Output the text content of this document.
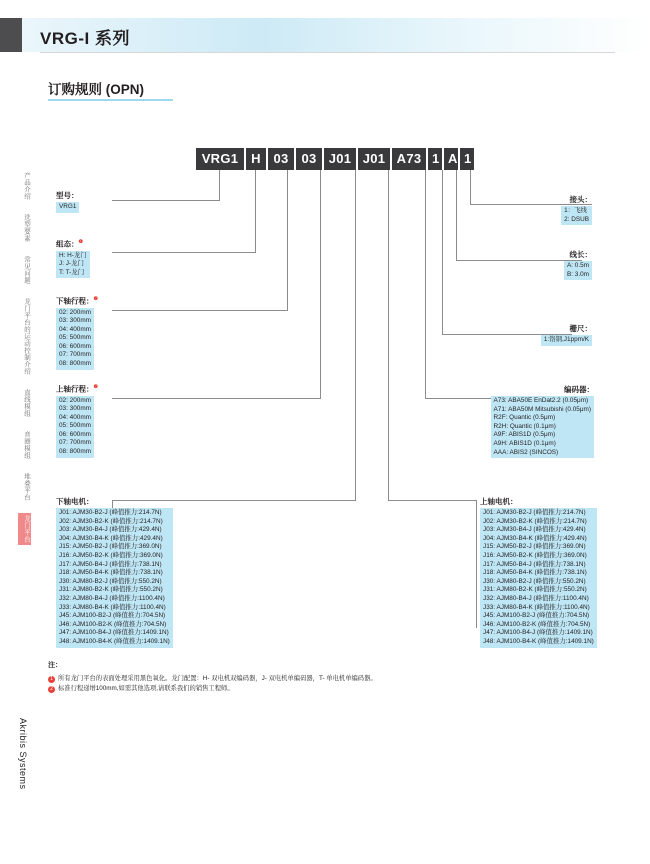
VRG-I 系列
订购规则 (OPN)
产品介绍
选型要素
常见问题
龙门平台的运动控制介绍
直线模组
音圈模组
堆叠平台
龙门平台
Akribis Systems
VRG1 H 03 03 J01 J01 A73 1 A 1
型号：
VRG1
组态：$^❶$
H: H-龙门
J: J-龙门
T: T-龙门
下轴行程：$^❷$
02: 200mm
03: 300mm
04: 400mm
05: 500mm
06: 600mm
07: 700mm
08: 800mm
上轴行程：$^❷$
02: 200mm
03: 300mm
04: 400mm
05: 500mm
06: 600mm
07: 700mm
08: 800mm
下轴电机：
J01: AJM30-B2-J (峰值推力:214.7N)
J02: AJM30-B2-K (峰值推力:214.7N)
J03: AJM30-B4-J (峰值推力:429.4N)
J04: AJM30-B4-K (峰值推力:429.4N)
J15: AJM50-B2-J (峰值推力:369.0N)
J16: AJM50-B2-K (峰值推力:369.0N)
J17: AJM50-B4-J (峰值推力:738.1N)
J18: AJM50-B4-K (峰值推力:738.1N)
J30: AJM80-B2-J (峰值推力:550.2N)
J31: AJM80-B2-K (峰值推力:550.2N)
J32: AJM80-B4-J (峰值推力:1100.4N)
J33: AJM80-B4-K (峰值推力:1100.4N)
J45: AJM100-B2-J (峰值推力:704.5N)
J46: AJM100-B2-K (峰值推力:704.5N)
J47: AJM100-B4-J (峰值推力:1409.1N)
J48: AJM100-B4-K (峰值推力:1409.1N)
接头：
1：飞线
2: DSUB
线长：
A: 0.5m
B: 3.0m
栅尺：
1:铬钢,J1ppm/K
编码器：
A73: ABA50E EnDat2.2 (0.05μm)
A71: ABA50M Mitsubishi (0.05μm)
R2F: Quantic (0.5μm)
R2H: Quantic (0.1μm)
A9F: ABIS1D (0.5μm)
A9H: ABIS1D (0.1μm)
AAA: ABIS2 (SINCOS)
上轴电机：
J01: AJM30-B2-J (峰值推力:214.7N)
J02: AJM30-B2-K (峰值推力:214.7N)
J03: AJM30-B4-J (峰值推力:429.4N)
J04: AJM30-B4-K (峰值推力:429.4N)
J15: AJM50-B2-J (峰值推力:369.0N)
J16: AJM50-B2-K (峰值推力:369.0N)
J17: AJM50-B4-J (峰值推力:738.1N)
J18: AJM50-B4-K (峰值推力:738.1N)
J30: AJM80-B2-J (峰值推力:550.2N)
J31: AJM80-B2-K (峰值推力:550.2N)
J32: AJM80-B4-J (峰值推力:1100.4N)
J33: AJM80-B4-K (峰值推力:1100.4N)
J45: AJM100-B2-J (峰值推力:704.5N)
J46: AJM100-B2-K (峰值推力:704.5N)
J47: AJM100-B4-J (峰值推力:1409.1N)
J48: AJM100-B4-K (峰值推力:1409.1N)
注：
1 所有龙门平台的表面处理采用黑色氧化。龙门配置：H- 双电机双编码器，J- 双电机单编码器，T- 单电机单编码器。
2 标准行程递增100mm,如需其他选项,请联系我们的销售工程师。
